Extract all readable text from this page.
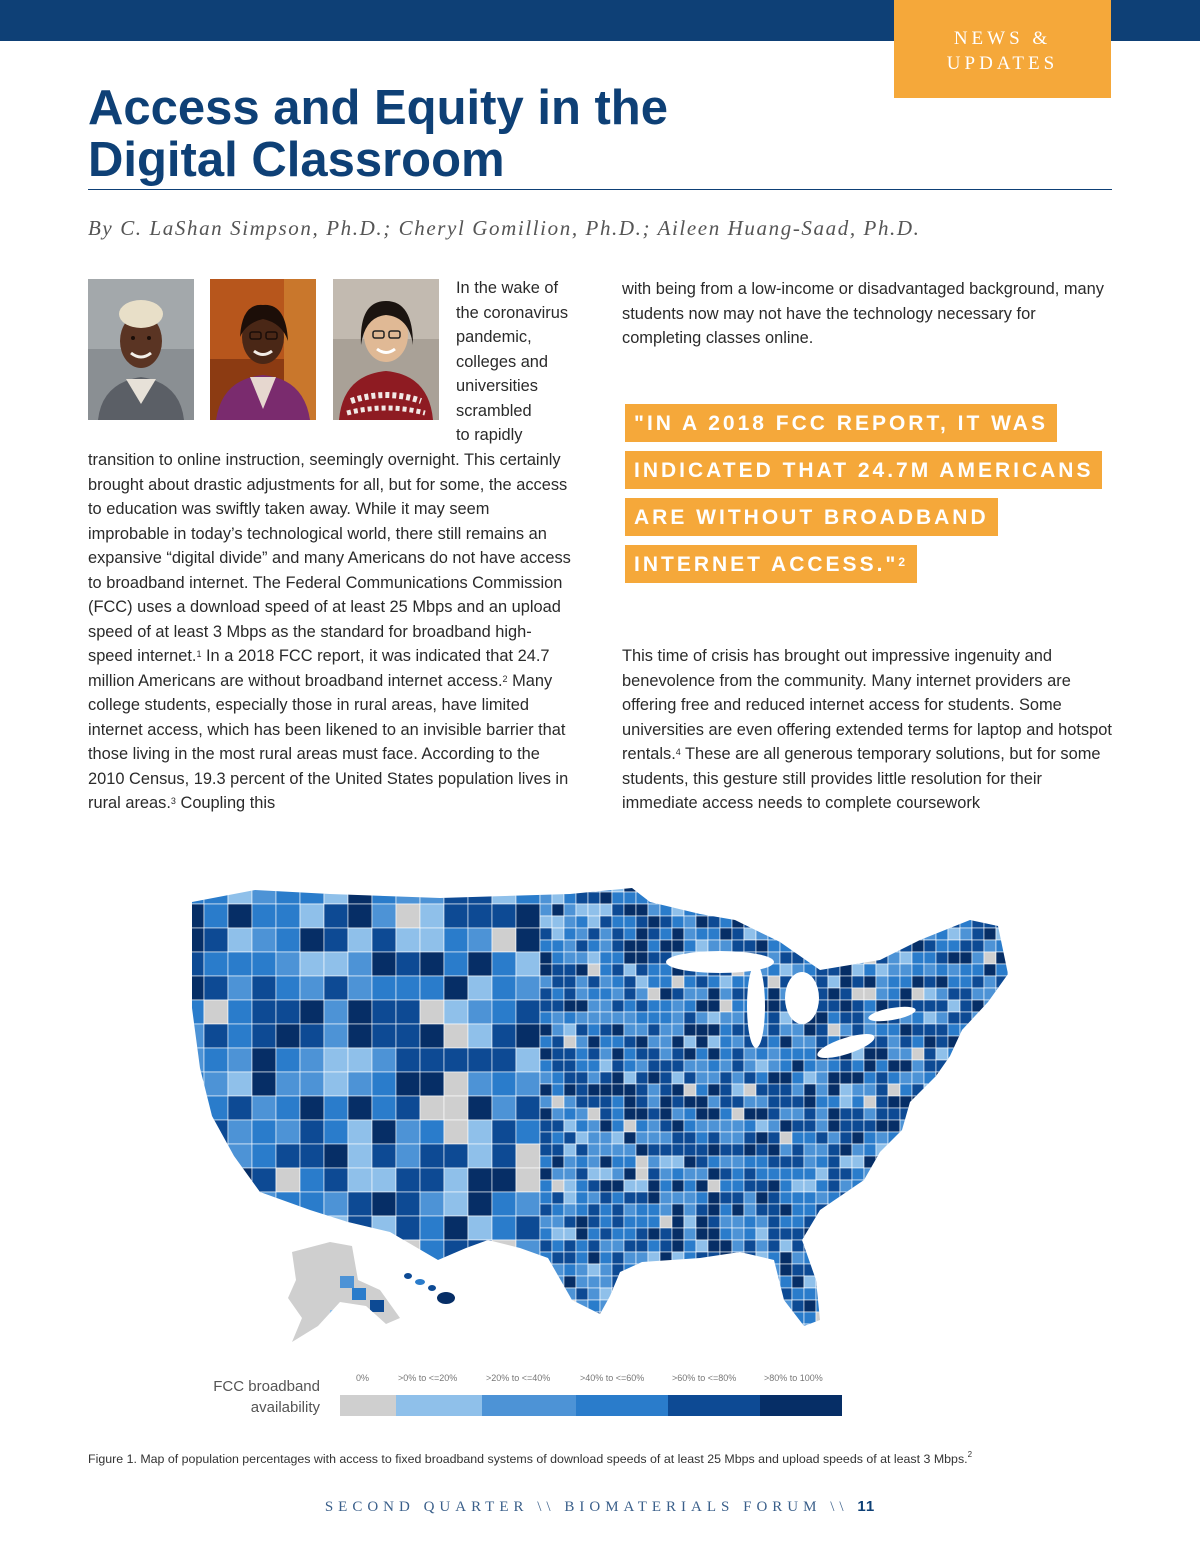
NEWS &
UPDATES
Access and Equity in the
Digital Classroom
By C. LaShan Simpson, Ph.D.; Cheryl Gomillion, Ph.D.; Aileen Huang-Saad, Ph.D.
In the wake of
the coronavirus
pandemic,
colleges and
universities
scrambled
to rapidly

transition to online instruction, seemingly overnight. This certainly brought about drastic adjustments for all, but for some, the access to education was swiftly taken away. While it may seem improbable in today’s technological world, there still remains an expansive “digital divide” and many Americans do not have access to broadband internet. The Federal Communications Commission (FCC) uses a download speed of at least 25 Mbps and an upload speed of at least 3 Mbps as the standard for broadband high-speed internet.$^1$ In a 2018 FCC report, it was indicated that 24.7 million Americans are without broadband internet access.$^2$ Many college students, especially those in rural areas, have limited internet access, which has been likened to an invisible barrier that those living in the most rural areas must face. According to the 2010 Census, 19.3 percent of the United States population lives in rural areas.$^3$ Coupling this

with being from a low-income or disadvantaged background, many students now may not have the technology necessary for completing classes online.

"IN A 2018 FCC REPORT, IT WAS
INDICATED THAT 24.7M AMERICANS
ARE WITHOUT BROADBAND
INTERNET ACCESS."$^2$

This time of crisis has brought out impressive ingenuity and benevolence from the community. Many internet providers are offering free and reduced internet access for students. Some universities are even offering extended terms for laptop and hotspot rentals.$^4$ These are all generous temporary solutions, but for some students, this gesture still provides little resolution for their immediate access needs to complete coursework

FCC broadband
availability
0%	>0% to <=20%	>20% to <=40%	>40% to <=60%	>60% to <=80%	>80% to 100%
Figure 1. Map of population percentages with access to fixed broadband systems of download speeds of at least 25 Mbps and upload speeds of at least 3 Mbps.$^2$
SECOND QUARTER \\ BIOMATERIALS FORUM \\ 11
